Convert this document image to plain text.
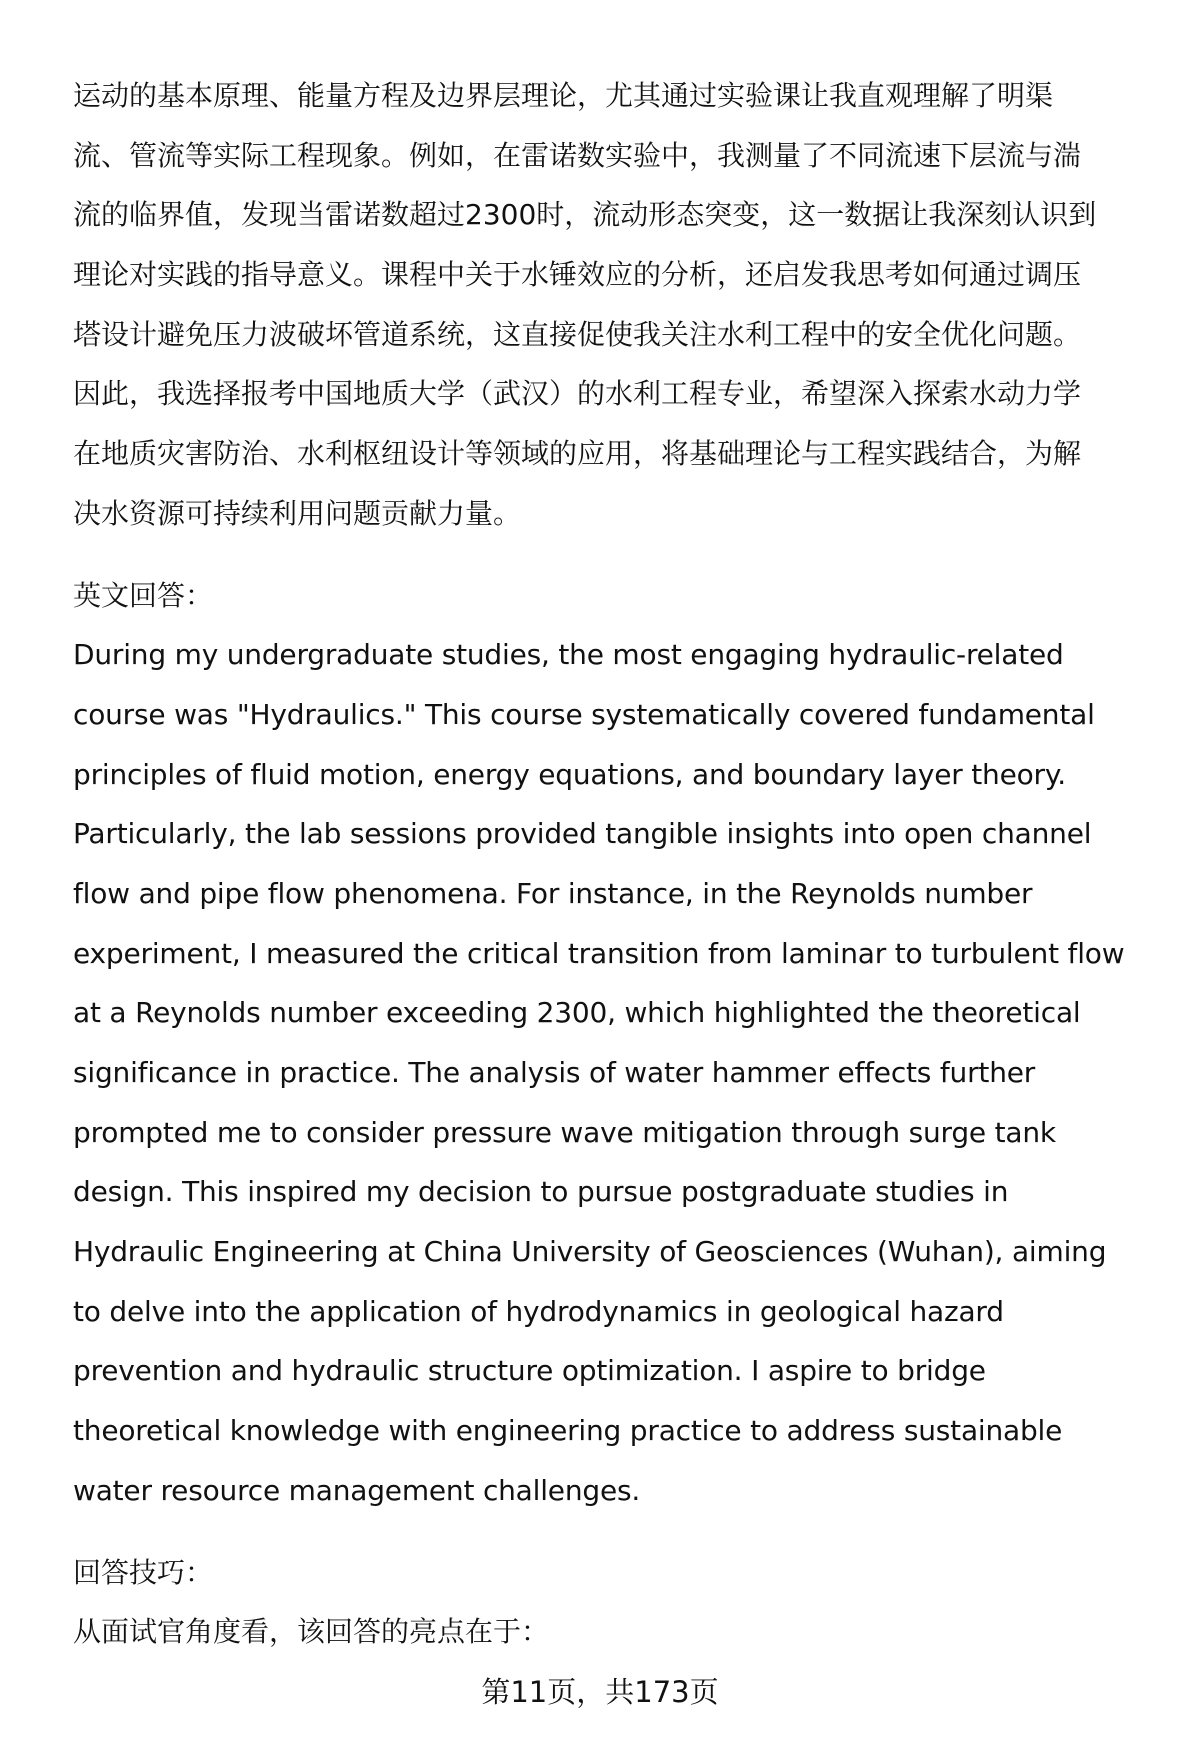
运动的基本原理、能量方程及边界层理论，尤其通过实验课让我直观理解了明渠
流、管流等实际工程现象。例如，在雷诺数实验中，我测量了不同流速下层流与湍
流的临界值，发现当雷诺数超过2300时，流动形态突变，这一数据让我深刻认识到
理论对实践的指导意义。课程中关于水锤效应的分析，还启发我思考如何通过调压
塔设计避免压力波破坏管道系统，这直接促使我关注水利工程中的安全优化问题。
因此，我选择报考中国地质大学（武汉）的水利工程专业，希望深入探索水动力学
在地质灾害防治、水利枢纽设计等领域的应用，将基础理论与工程实践结合，为解
决水资源可持续利用问题贡献力量。
英文回答：
During my undergraduate studies, the most engaging hydraulic-related
course was "Hydraulics." This course systematically covered fundamental
principles of fluid motion, energy equations, and boundary layer theory.
Particularly, the lab sessions provided tangible insights into open channel
flow and pipe flow phenomena. For instance, in the Reynolds number
experiment, I measured the critical transition from laminar to turbulent flow
at a Reynolds number exceeding 2300, which highlighted the theoretical
significance in practice. The analysis of water hammer effects further
prompted me to consider pressure wave mitigation through surge tank
design. This inspired my decision to pursue postgraduate studies in
Hydraulic Engineering at China University of Geosciences (Wuhan), aiming
to delve into the application of hydrodynamics in geological hazard
prevention and hydraulic structure optimization. I aspire to bridge
theoretical knowledge with engineering practice to address sustainable
water resource management challenges.
回答技巧：
从面试官角度看，该回答的亮点在于：
第11页，共173页
